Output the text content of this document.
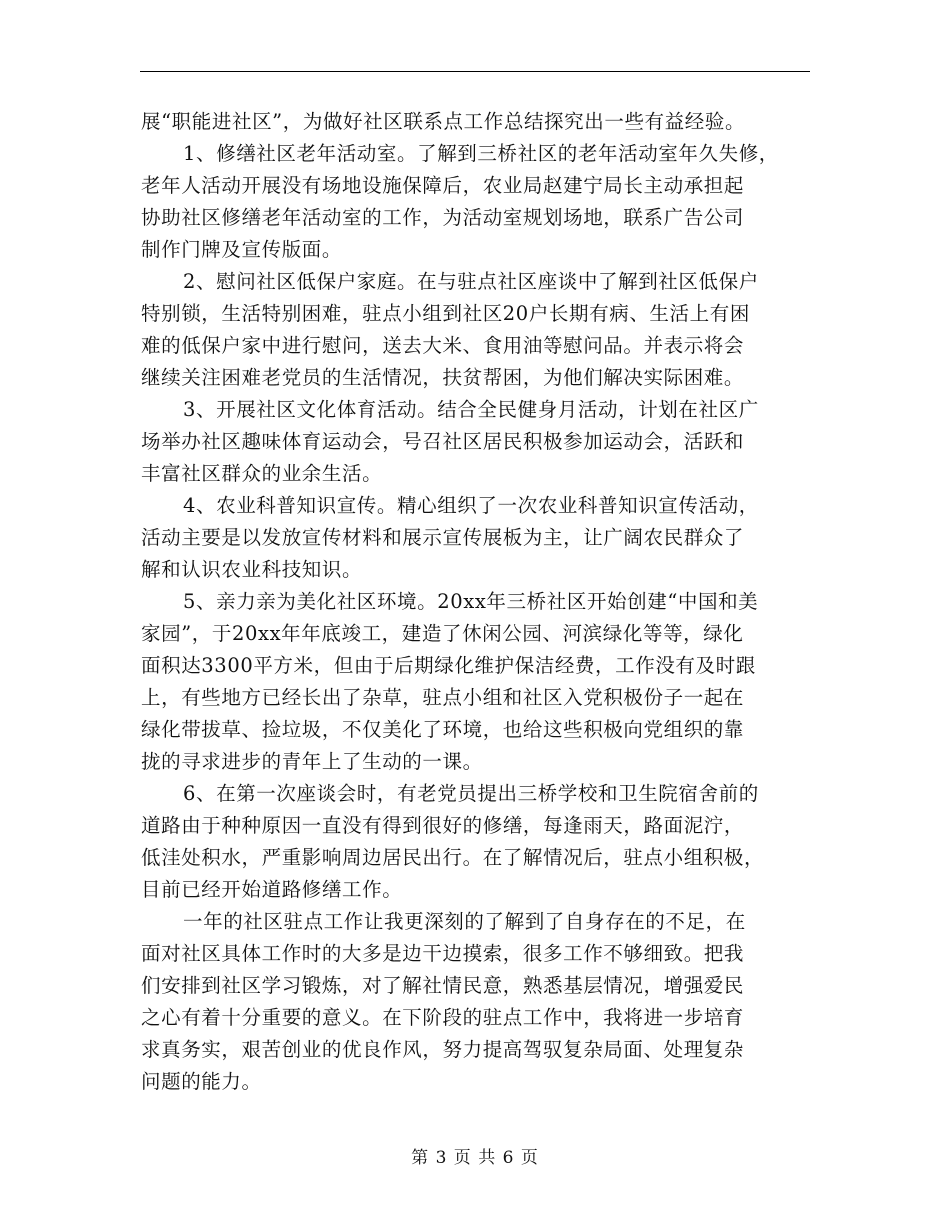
展“职能进社区”，为做好社区联系点工作总结探究出一些有益经验。
1、修缮社区老年活动室。了解到三桥社区的老年活动室年久失修，
老年人活动开展没有场地设施保障后，农业局赵建宁局长主动承担起
协助社区修缮老年活动室的工作，为活动室规划场地，联系广告公司
制作门牌及宣传版面。
2、慰问社区低保户家庭。在与驻点社区座谈中了解到社区低保户
特别锁，生活特别困难，驻点小组到社区20户长期有病、生活上有困
难的低保户家中进行慰问，送去大米、食用油等慰问品。并表示将会
继续关注困难老党员的生活情况，扶贫帮困，为他们解决实际困难。
3、开展社区文化体育活动。结合全民健身月活动，计划在社区广
场举办社区趣味体育运动会，号召社区居民积极参加运动会，活跃和
丰富社区群众的业余生活。
4、农业科普知识宣传。精心组织了一次农业科普知识宣传活动，
活动主要是以发放宣传材料和展示宣传展板为主，让广阔农民群众了
解和认识农业科技知识。
5、亲力亲为美化社区环境。20xx年三桥社区开始创建“中国和美
家园”，于20xx年年底竣工，建造了休闲公园、河滨绿化等等，绿化
面积达3300平方米，但由于后期绿化维护保洁经费，工作没有及时跟
上，有些地方已经长出了杂草，驻点小组和社区入党积极份子一起在
绿化带拔草、捡垃圾，不仅美化了环境，也给这些积极向党组织的靠
拢的寻求进步的青年上了生动的一课。
6、在第一次座谈会时，有老党员提出三桥学校和卫生院宿舍前的
道路由于种种原因一直没有得到很好的修缮，每逢雨天，路面泥泞，
低洼处积水，严重影响周边居民出行。在了解情况后，驻点小组积极，
目前已经开始道路修缮工作。
一年的社区驻点工作让我更深刻的了解到了自身存在的不足，在
面对社区具体工作时的大多是边干边摸索，很多工作不够细致。把我
们安排到社区学习锻炼，对了解社情民意，熟悉基层情况，增强爱民
之心有着十分重要的意义。在下阶段的驻点工作中，我将进一步培育
求真务实，艰苦创业的优良作风，努力提高驾驭复杂局面、处理复杂
问题的能力。
第 3 页 共 6 页
